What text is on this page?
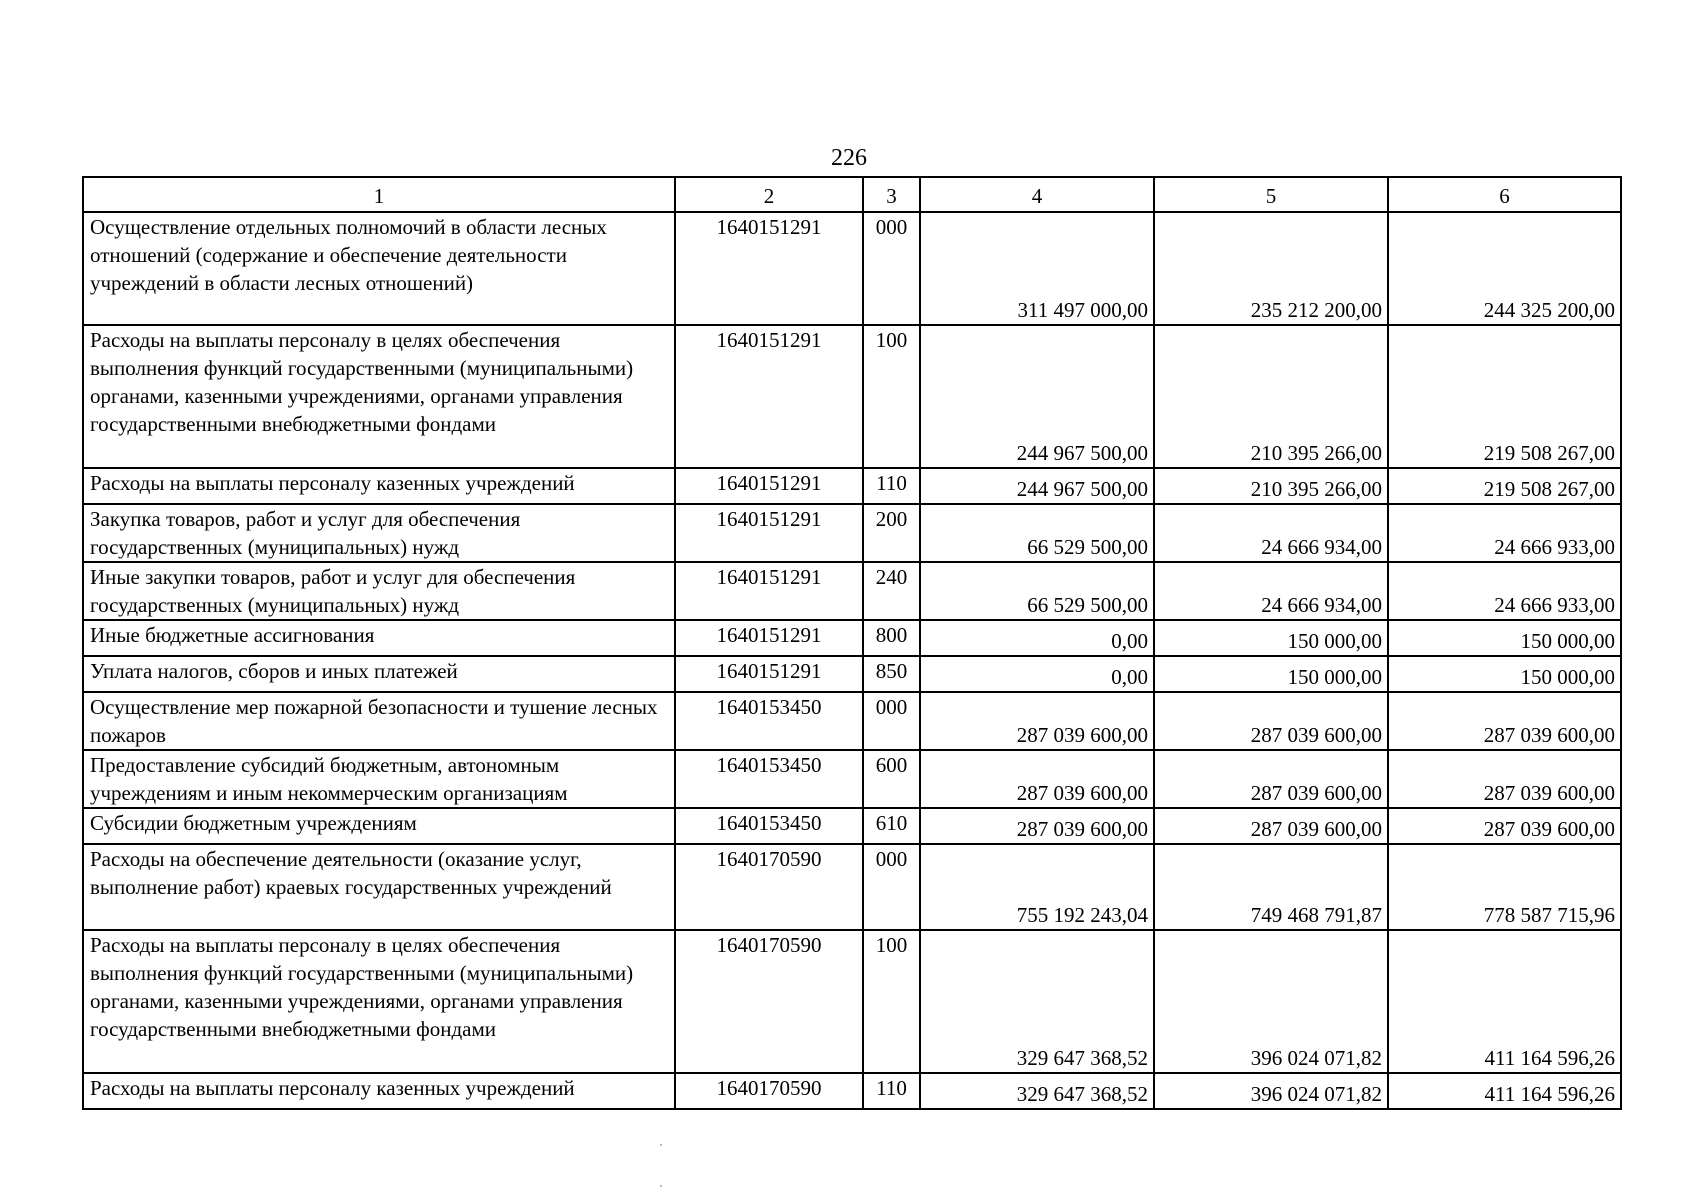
226
1	2	3	4	5	6
Осуществление отдельных полномочий в области лесных отношений (содержание и обеспечение деятельности учреждений в области лесных отношений)	1640151291	000	311 497 000,00	235 212 200,00	244 325 200,00
Расходы на выплаты персоналу в целях обеспечения выполнения функций государственными (муниципальными) органами, казенными учреждениями, органами управления государственными внебюджетными фондами	1640151291	100	244 967 500,00	210 395 266,00	219 508 267,00
Расходы на выплаты персоналу казенных учреждений	1640151291	110	244 967 500,00	210 395 266,00	219 508 267,00
Закупка товаров, работ и услуг для обеспечения государственных (муниципальных) нужд	1640151291	200	66 529 500,00	24 666 934,00	24 666 933,00
Иные закупки товаров, работ и услуг для обеспечения государственных (муниципальных) нужд	1640151291	240	66 529 500,00	24 666 934,00	24 666 933,00
Иные бюджетные ассигнования	1640151291	800	0,00	150 000,00	150 000,00
Уплата налогов, сборов и иных платежей	1640151291	850	0,00	150 000,00	150 000,00
Осуществление мер пожарной безопасности и тушение лесных пожаров	1640153450	000	287 039 600,00	287 039 600,00	287 039 600,00
Предоставление субсидий бюджетным, автономным учреждениям и иным некоммерческим организациям	1640153450	600	287 039 600,00	287 039 600,00	287 039 600,00
Субсидии бюджетным учреждениям	1640153450	610	287 039 600,00	287 039 600,00	287 039 600,00
Расходы на обеспечение деятельности (оказание услуг, выполнение работ) краевых государственных учреждений	1640170590	000	755 192 243,04	749 468 791,87	778 587 715,96
Расходы на выплаты персоналу в целях обеспечения выполнения функций государственными (муниципальными) органами, казенными учреждениями, органами управления государственными внебюджетными фондами	1640170590	100	329 647 368,52	396 024 071,82	411 164 596,26
Расходы на выплаты персоналу казенных учреждений	1640170590	110	329 647 368,52	396 024 071,82	411 164 596,26
